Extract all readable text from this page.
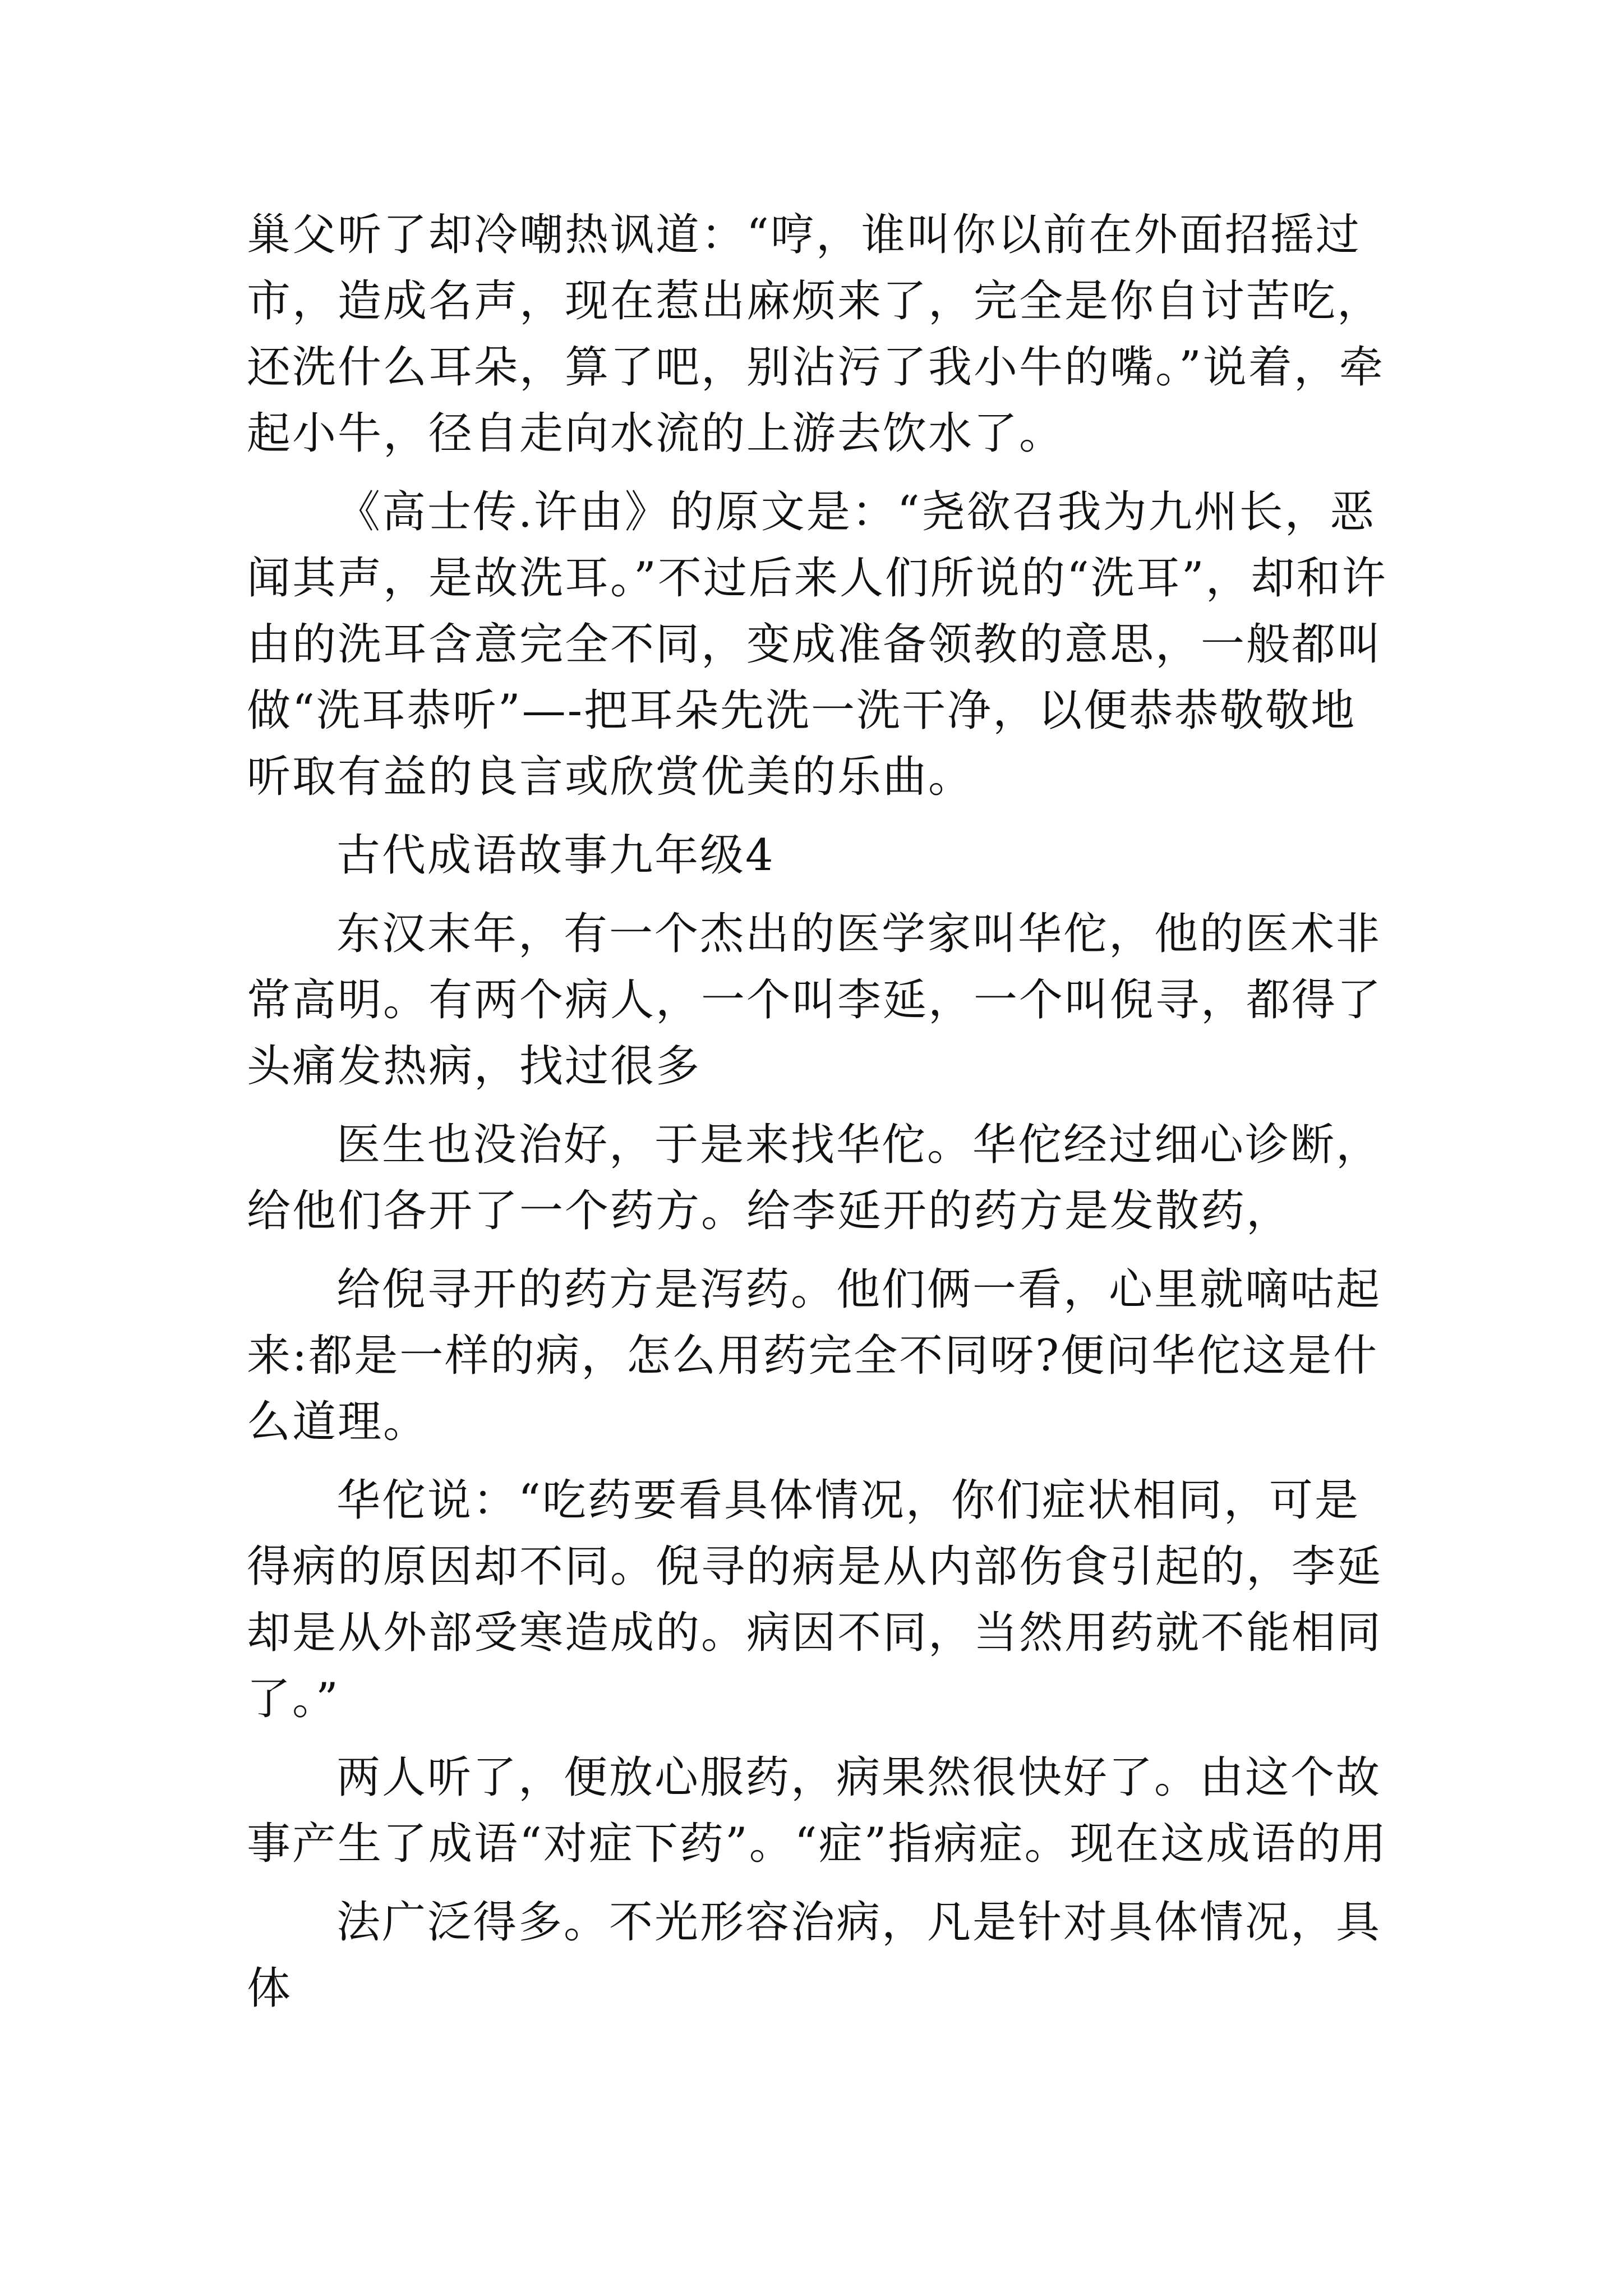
巢父听了却冷嘲热讽道：“哼，谁叫你以前在外面招摇过市，造成名声，现在惹出麻烦来了，完全是你自讨苦吃，还洗什么耳朵，算了吧，别沾污了我小牛的嘴。”说着，牵起小牛，径自走向水流的上游去饮水了。

《高士传.许由》的原文是：“尧欲召我为九州长，恶闻其声，是故洗耳。”不过后来人们所说的“洗耳”，却和许由的洗耳含意完全不同，变成准备领教的意思，一般都叫做“洗耳恭听”—-把耳朵先洗一洗干净，以便恭恭敬敬地听取有益的良言或欣赏优美的乐曲。

古代成语故事九年级4

东汉末年，有一个杰出的医学家叫华佗，他的医术非常高明。有两个病人，一个叫李延，一个叫倪寻，都得了头痛发热病，找过很多

医生也没治好，于是来找华佗。华佗经过细心诊断，给他们各开了一个药方。给李延开的药方是发散药，

给倪寻开的药方是泻药。他们俩一看，心里就嘀咕起来:都是一样的病，怎么用药完全不同呀?便问华佗这是什么道理。

华佗说：“吃药要看具体情况，你们症状相同，可是得病的原因却不同。倪寻的病是从内部伤食引起的，李延却是从外部受寒造成的。病因不同，当然用药就不能相同了。”

两人听了，便放心服药，病果然很快好了。由这个故事产生了成语“对症下药”。“症”指病症。现在这成语的用

法广泛得多。不光形容治病，凡是针对具体情况，具体
